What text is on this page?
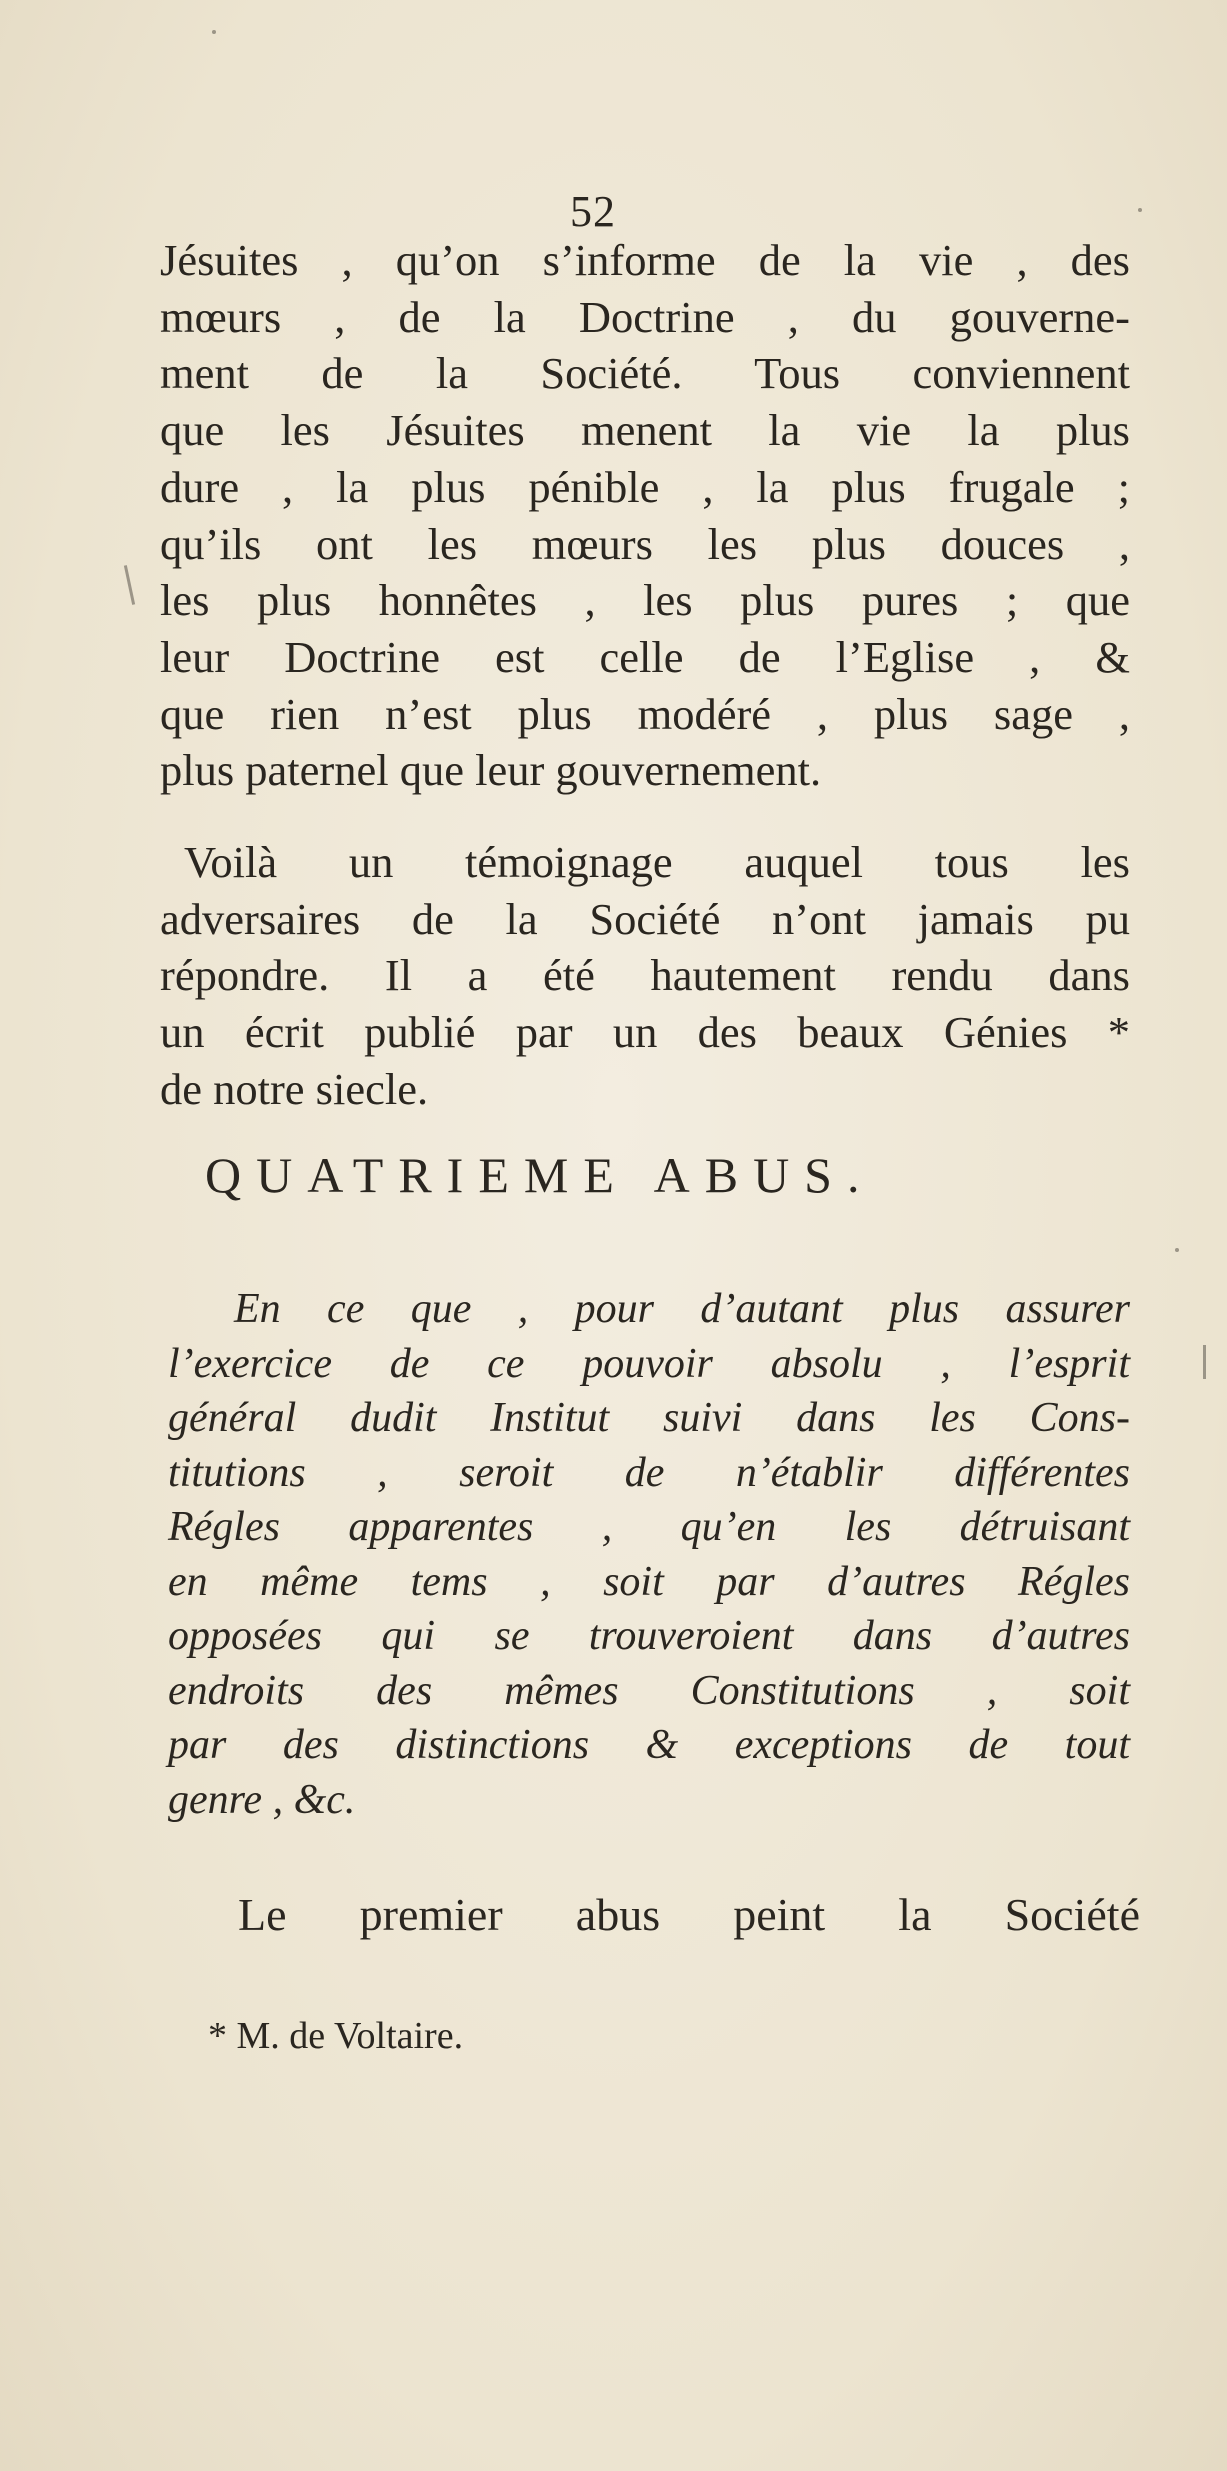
52
Jésuites , qu’on s’informe de la vie , des
mœurs , de la Doctrine , du gouverne-
ment de la Société. Tous conviennent
que les Jésuites menent la vie la plus
dure , la plus pénible , la plus frugale ;
qu’ils ont les mœurs les plus douces ,
les plus honnêtes , les plus pures ; que
leur Doctrine est celle de l’Eglise , &
que rien n’est plus modéré , plus sage ,
plus paternel que leur gouvernement.
Voilà un témoignage auquel tous les
adversaires de la Société n’ont jamais pu
répondre. Il a été hautement rendu dans
un écrit publié par un des beaux Génies *
de notre siecle.
QUATRIEME ABUS.
En ce que , pour d’autant plus assurer
l’exercice de ce pouvoir absolu , l’esprit
général dudit Institut suivi dans les Cons-
titutions , seroit de n’établir différentes
Régles apparentes , qu’en les détruisant
en même tems , soit par d’autres Régles
opposées qui se trouveroient dans d’autres
endroits des mêmes Constitutions , soit
par des distinctions & exceptions de tout
genre , &c.
Le premier abus peint la Société
* M. de Voltaire.
